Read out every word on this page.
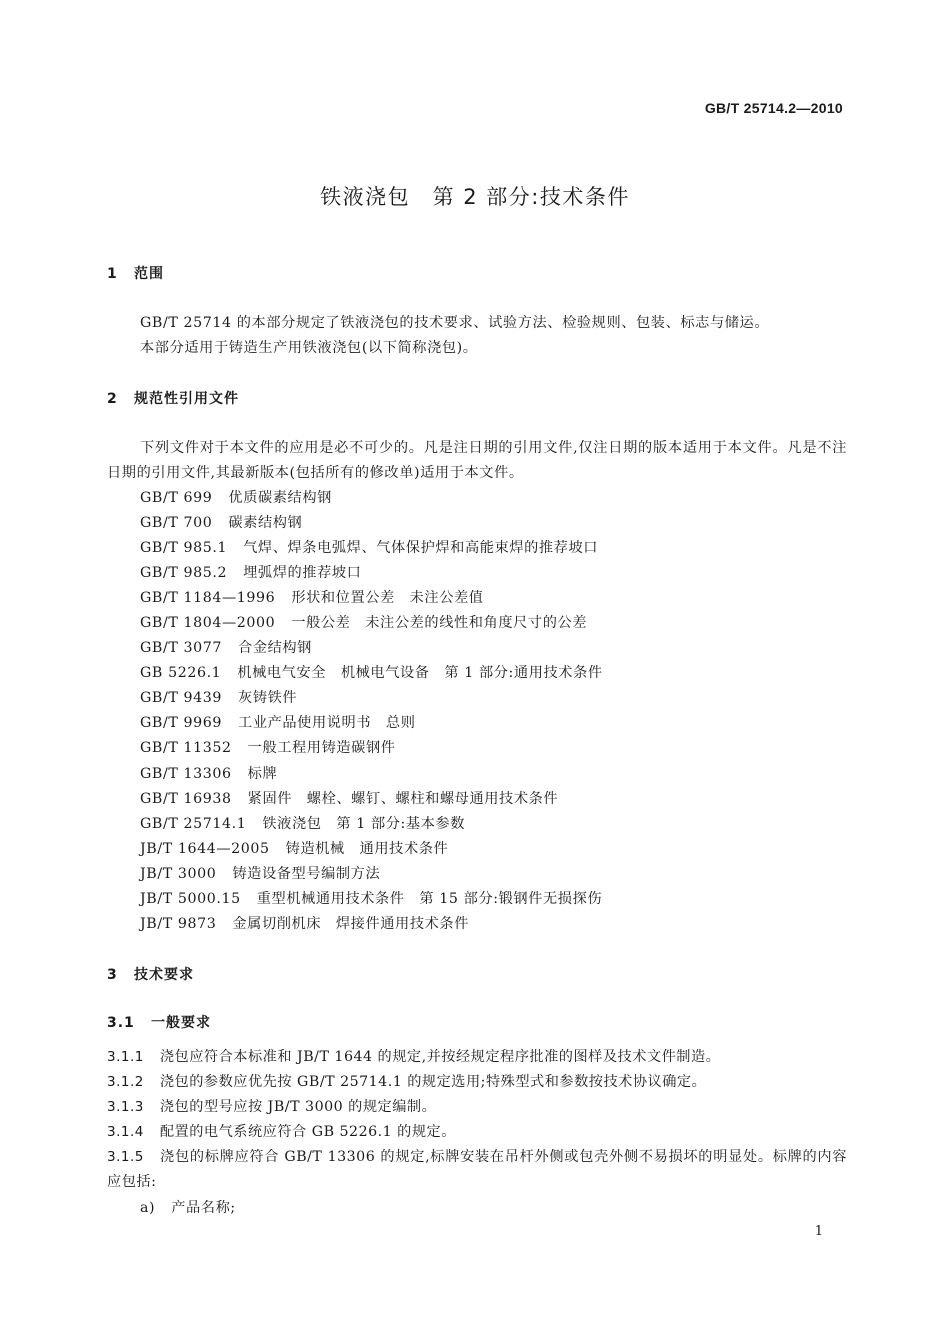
GB/T 25714.2—2010
铁液浇包　第 2 部分:技术条件
1 范围
GB/T 25714 的本部分规定了铁液浇包的技术要求、试验方法、检验规则、包装、标志与储运。
本部分适用于铸造生产用铁液浇包(以下简称浇包)。
2 规范性引用文件
下列文件对于本文件的应用是必不可少的。凡是注日期的引用文件,仅注日期的版本适用于本文件。凡是不注日期的引用文件,其最新版本(包括所有的修改单)适用于本文件。
GB/T 699 优质碳素结构钢
GB/T 700 碳素结构钢
GB/T 985.1 气焊、焊条电弧焊、气体保护焊和高能束焊的推荐坡口
GB/T 985.2 埋弧焊的推荐坡口
GB/T 1184—1996 形状和位置公差　未注公差值
GB/T 1804—2000 一般公差　未注公差的线性和角度尺寸的公差
GB/T 3077 合金结构钢
GB 5226.1 机械电气安全　机械电气设备　第 1 部分:通用技术条件
GB/T 9439 灰铸铁件
GB/T 9969 工业产品使用说明书　总则
GB/T 11352 一般工程用铸造碳钢件
GB/T 13306 标牌
GB/T 16938 紧固件　螺栓、螺钉、螺柱和螺母通用技术条件
GB/T 25714.1 铁液浇包　第 1 部分:基本参数
JB/T 1644—2005 铸造机械　通用技术条件
JB/T 3000 铸造设备型号编制方法
JB/T 5000.15 重型机械通用技术条件　第 15 部分:锻钢件无损探伤
JB/T 9873 金属切削机床　焊接件通用技术条件
3 技术要求
3.1 一般要求
3.1.1 浇包应符合本标准和 JB/T 1644 的规定,并按经规定程序批准的图样及技术文件制造。
3.1.2 浇包的参数应优先按 GB/T 25714.1 的规定选用;特殊型式和参数按技术协议确定。
3.1.3 浇包的型号应按 JB/T 3000 的规定编制。
3.1.4 配置的电气系统应符合 GB 5226.1 的规定。
3.1.5 浇包的标牌应符合 GB/T 13306 的规定,标牌安装在吊杆外侧或包壳外侧不易损坏的明显处。标牌的内容应包括:
a) 产品名称;
1
